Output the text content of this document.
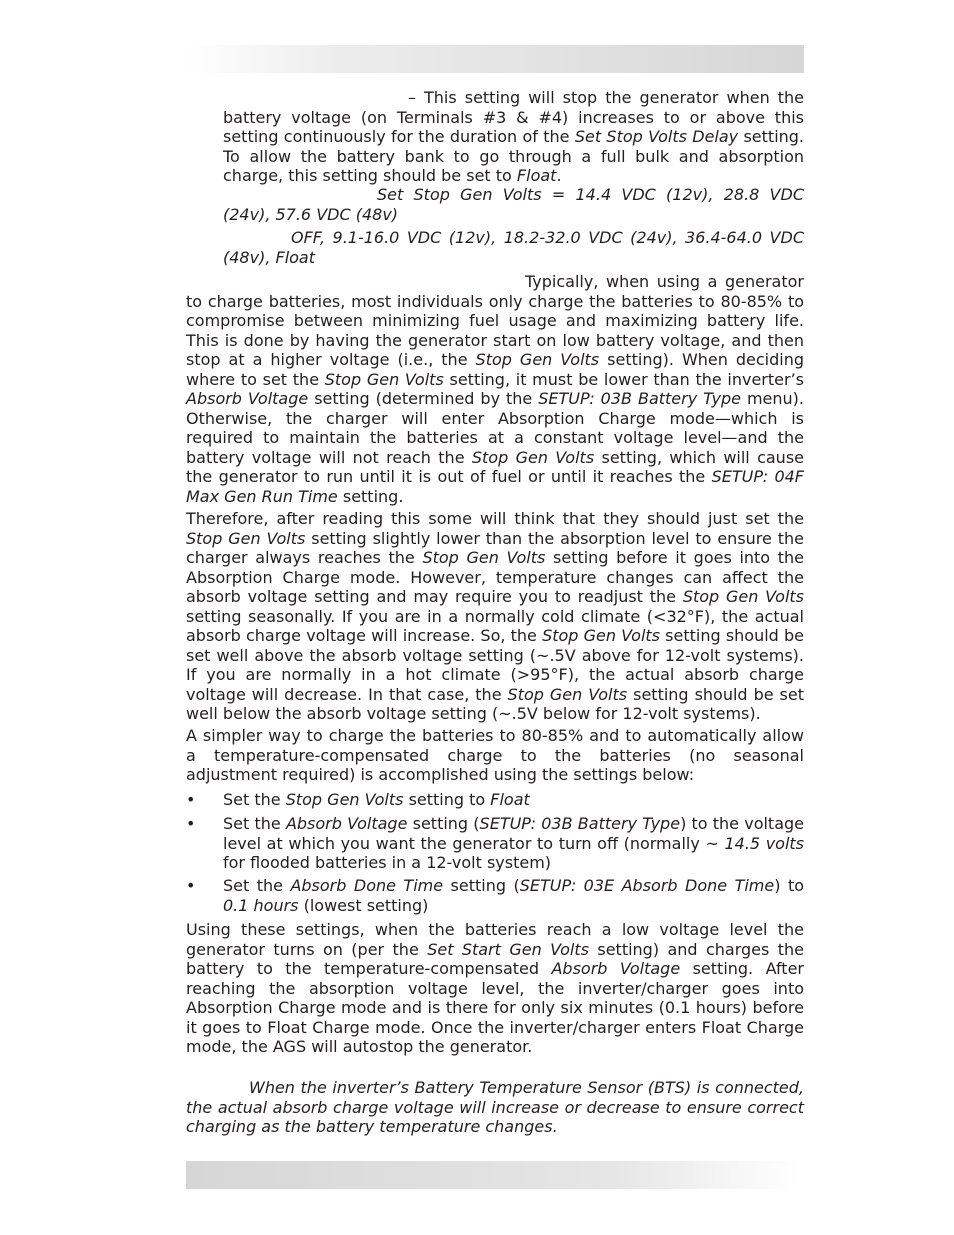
– This setting will stop the generator when the battery voltage (on Terminals #3 & #4) increases to or above this setting continuously for the duration of the Set Stop Volts Delay setting. To allow the battery bank to go through a full bulk and absorption charge, this setting should be set to Float.

Set Stop Gen Volts = 14.4 VDC (12v), 28.8 VDC (24v), 57.6 VDC (48v)

OFF, 9.1-16.0 VDC (12v), 18.2-32.0 VDC (24v), 36.4-64.0 VDC (48v), Float

Typically, when using a generator to charge batteries, most individuals only charge the batteries to 80-85% to compromise between minimizing fuel usage and maximizing battery life. This is done by having the generator start on low battery voltage, and then stop at a higher voltage (i.e., the Stop Gen Volts setting). When deciding where to set the Stop Gen Volts setting, it must be lower than the inverter’s Absorb Voltage setting (determined by the SETUP: 03B Battery Type menu). Otherwise, the charger will enter Absorption Charge mode—which is required to maintain the batteries at a constant voltage level—and the battery voltage will not reach the Stop Gen Volts setting, which will cause the generator to run until it is out of fuel or until it reaches the SETUP: 04F Max Gen Run Time setting.

Therefore, after reading this some will think that they should just set the Stop Gen Volts setting slightly lower than the absorption level to ensure the charger always reaches the Stop Gen Volts setting before it goes into the Absorption Charge mode. However, temperature changes can affect the absorb voltage setting and may require you to readjust the Stop Gen Volts setting seasonally. If you are in a normally cold climate (<32°F), the actual absorb charge voltage will increase. So, the Stop Gen Volts setting should be set well above the absorb voltage setting (~.5V above for 12-volt systems). If you are normally in a hot climate (>95°F), the actual absorb charge voltage will decrease. In that case, the Stop Gen Volts setting should be set well below the absorb voltage setting (~.5V below for 12-volt systems).

A simpler way to charge the batteries to 80-85% and to automatically allow a temperature-compensated charge to the batteries (no seasonal adjustment required) is accomplished using the settings below:

• Set the Stop Gen Volts setting to Float

• Set the Absorb Voltage setting (SETUP: 03B Battery Type) to the voltage level at which you want the generator to turn off (normally ~ 14.5 volts for flooded batteries in a 12-volt system)

• Set the Absorb Done Time setting (SETUP: 03E Absorb Done Time) to 0.1 hours (lowest setting)

Using these settings, when the batteries reach a low voltage level the generator turns on (per the Set Start Gen Volts setting) and charges the battery to the temperature-compensated Absorb Voltage setting. After reaching the absorption voltage level, the inverter/charger goes into Absorption Charge mode and is there for only six minutes (0.1 hours) before it goes to Float Charge mode. Once the inverter/charger enters Float Charge mode, the AGS will autostop the generator.

When the inverter’s Battery Temperature Sensor (BTS) is connected, the actual absorb charge voltage will increase or decrease to ensure correct charging as the battery temperature changes.
